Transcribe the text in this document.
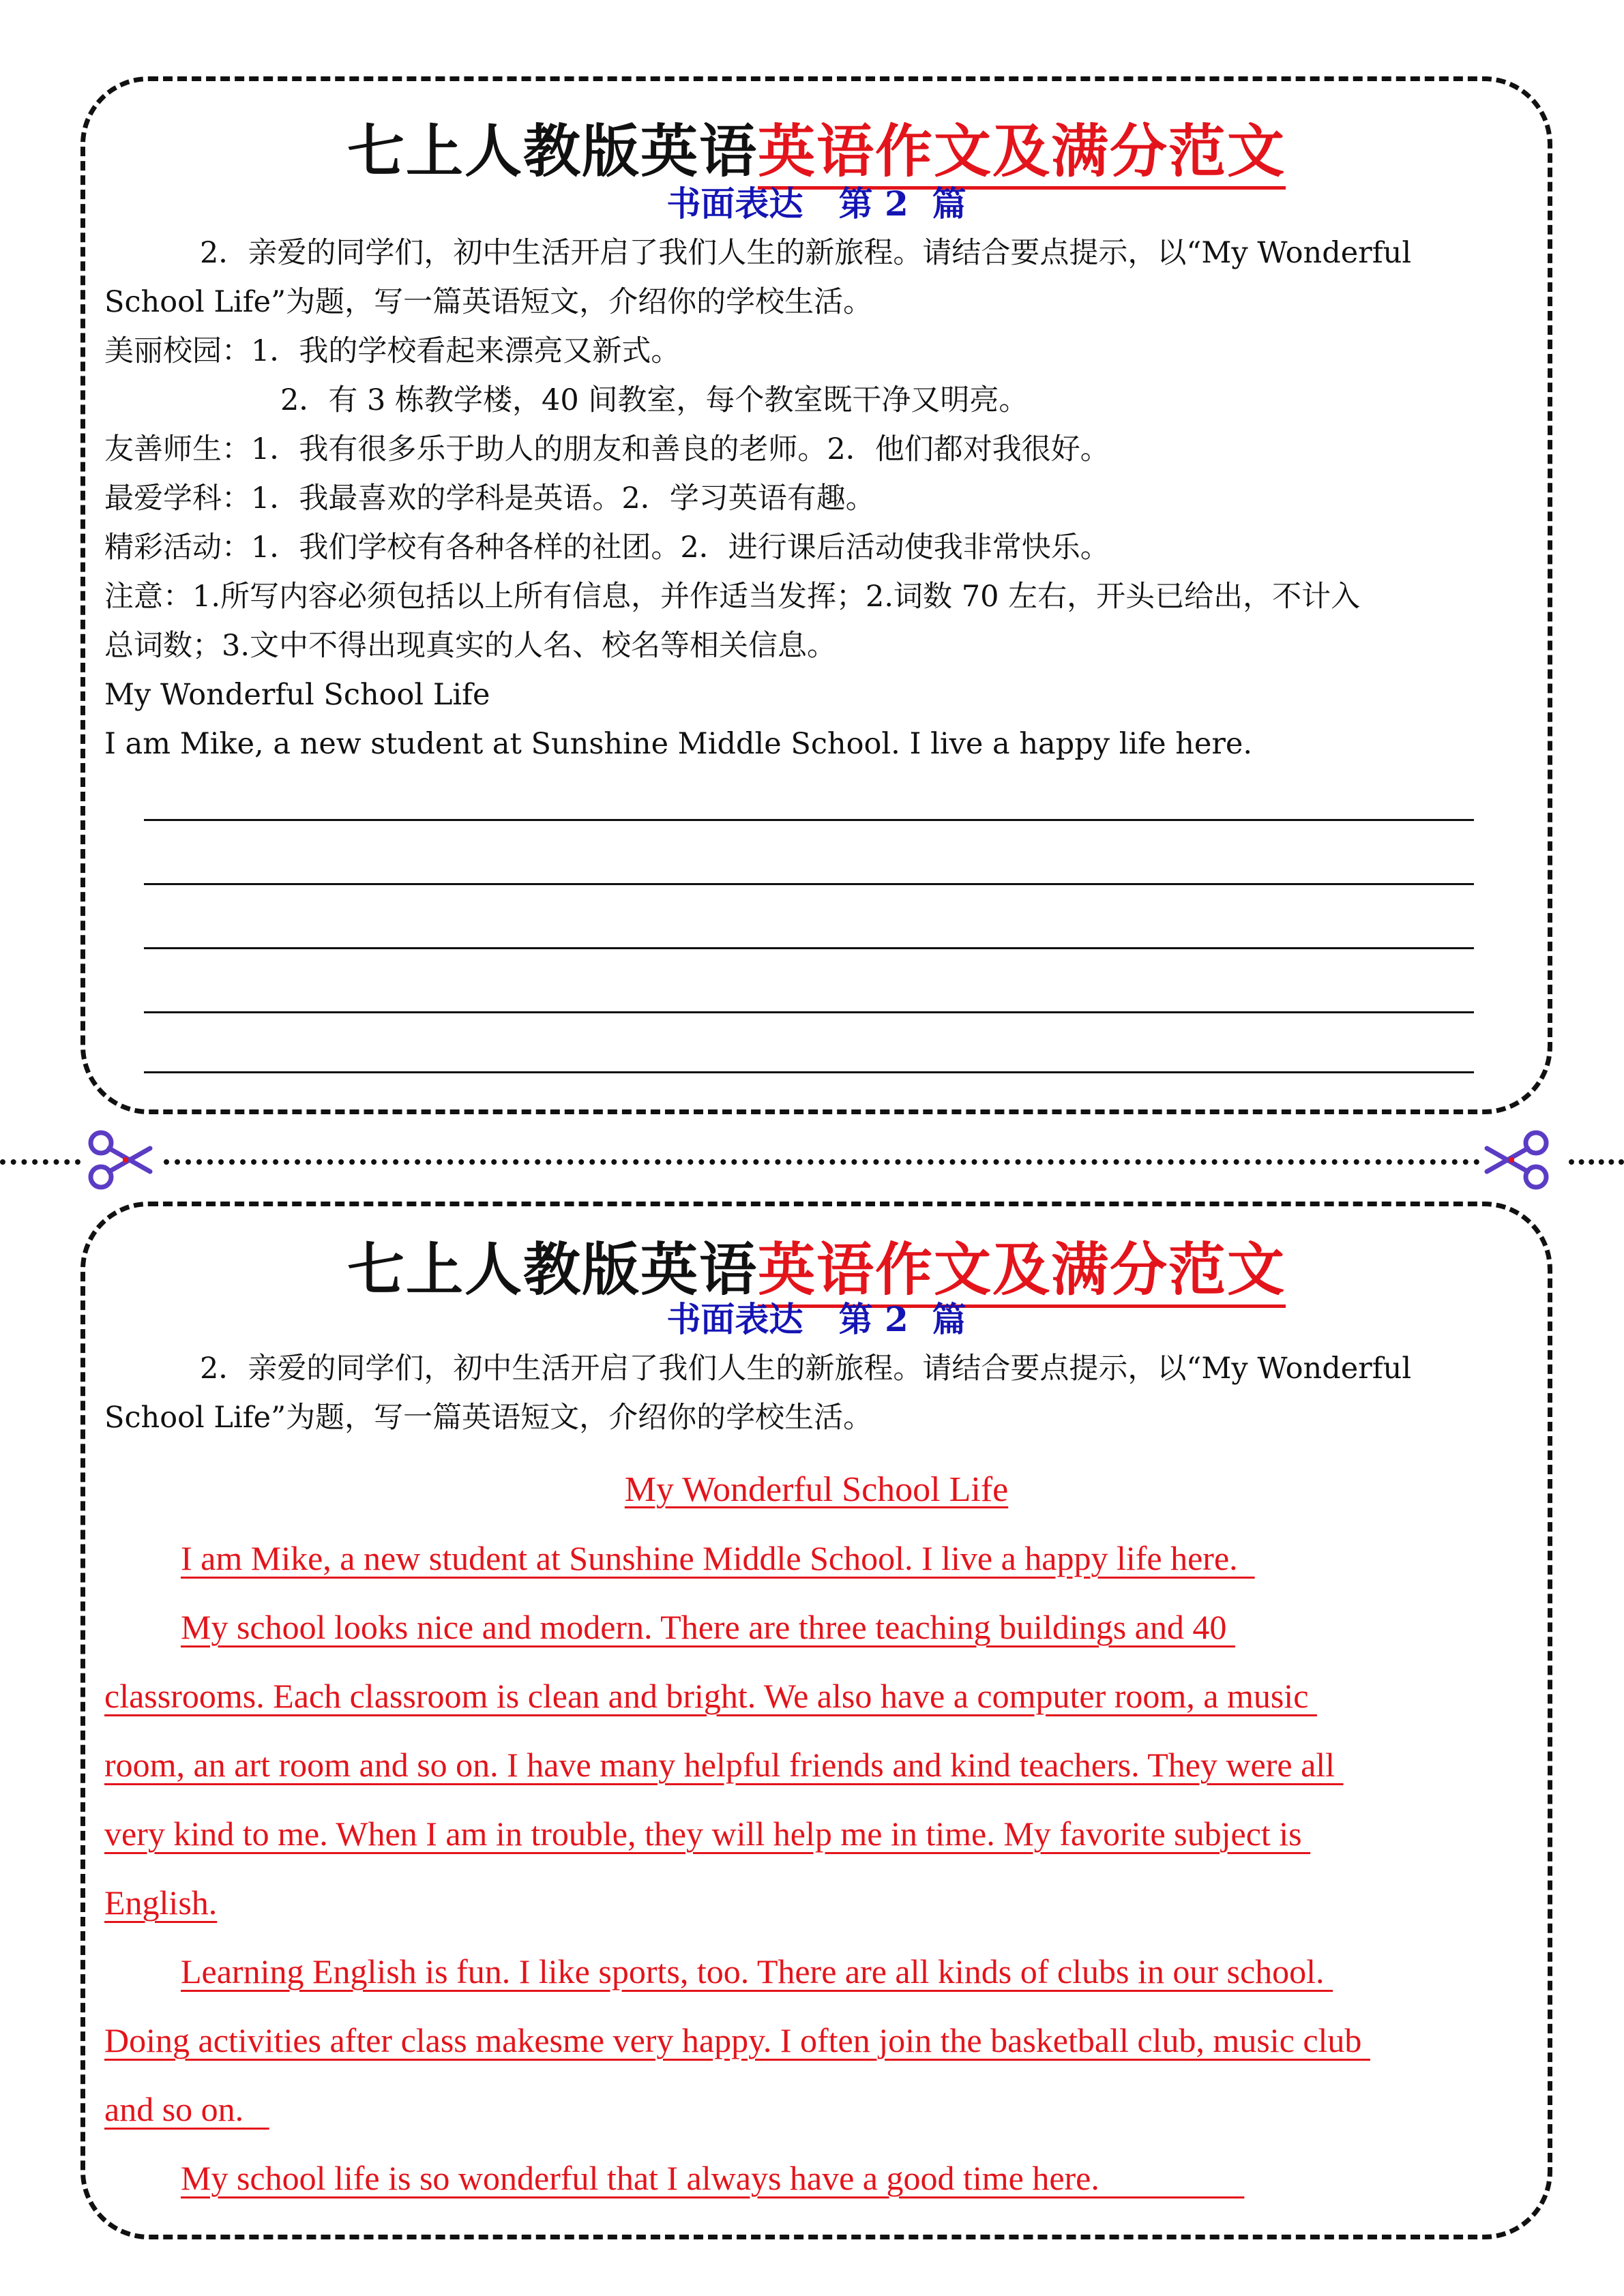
七上人教版英语英语作文及满分范文
书面表达   第 2  篇
2．亲爱的同学们，初中生活开启了我们人生的新旅程。请结合要点提示，以“My Wonderful
School Life”为题，写一篇英语短文，介绍你的学校生活。
美丽校园：1．我的学校看起来漂亮又新式。
2．有 3 栋教学楼，40 间教室，每个教室既干净又明亮。
友善师生：1．我有很多乐于助人的朋友和善良的老师。2．他们都对我很好。
最爱学科：1．我最喜欢的学科是英语。2．学习英语有趣。
精彩活动：1．我们学校有各种各样的社团。2．进行课后活动使我非常快乐。
注意：1.所写内容必须包括以上所有信息，并作适当发挥；2.词数 70 左右，开头已给出，不计入
总词数；3.文中不得出现真实的人名、校名等相关信息。
My Wonderful School Life
I am Mike, a new student at Sunshine Middle School. I live a happy life here.
七上人教版英语英语作文及满分范文
书面表达   第 2  篇
2．亲爱的同学们，初中生活开启了我们人生的新旅程。请结合要点提示，以“My Wonderful
School Life”为题，写一篇英语短文，介绍你的学校生活。
My Wonderful School Life
I am Mike, a new student at Sunshine Middle School. I live a happy life here.
My school looks nice and modern. There are three teaching buildings and 40
classrooms. Each classroom is clean and bright. We also have a computer room, a music
room, an art room and so on. I have many helpful friends and kind teachers. They were all
very kind to me. When I am in trouble, they will help me in time. My favorite subject is
English.
Learning English is fun. I like sports, too. There are all kinds of clubs in our school.
Doing activities after class makesme very happy. I often join the basketball club, music club
and so on.
My school life is so wonderful that I always have a good time here.
